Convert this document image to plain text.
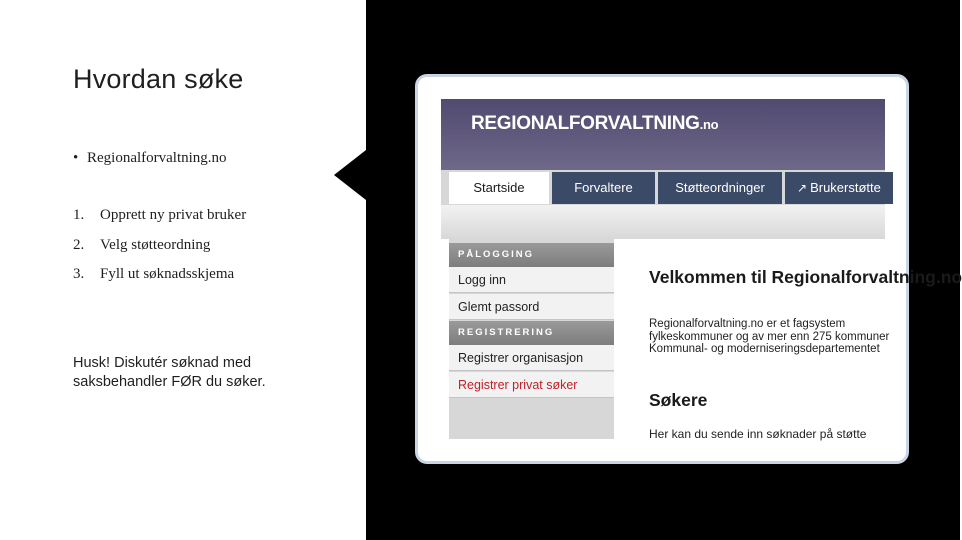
Hvordan søke
• Regionalforvaltning.no
1. Opprett ny privat bruker
2. Velg støtteordning
3. Fyll ut søknadsskjema
Husk! Diskutér søknad med
saksbehandler FØR du søker.
REGIONALFORVALTNING.no
Startside	Forvaltere	Støtteordninger	↗ Brukerstøtte
PÅLOGGING
Logg inn
Glemt passord
REGISTRERING
Registrer organisasjon
Registrer privat søker
Velkommen til Regionalforvaltning.no
Regionalforvaltning.no er et fagsystem
fylkeskommuner og av mer enn 275 kommuner
Kommunal- og moderniseringsdepartementet
Søkere
Her kan du sende inn søknader på støtte
